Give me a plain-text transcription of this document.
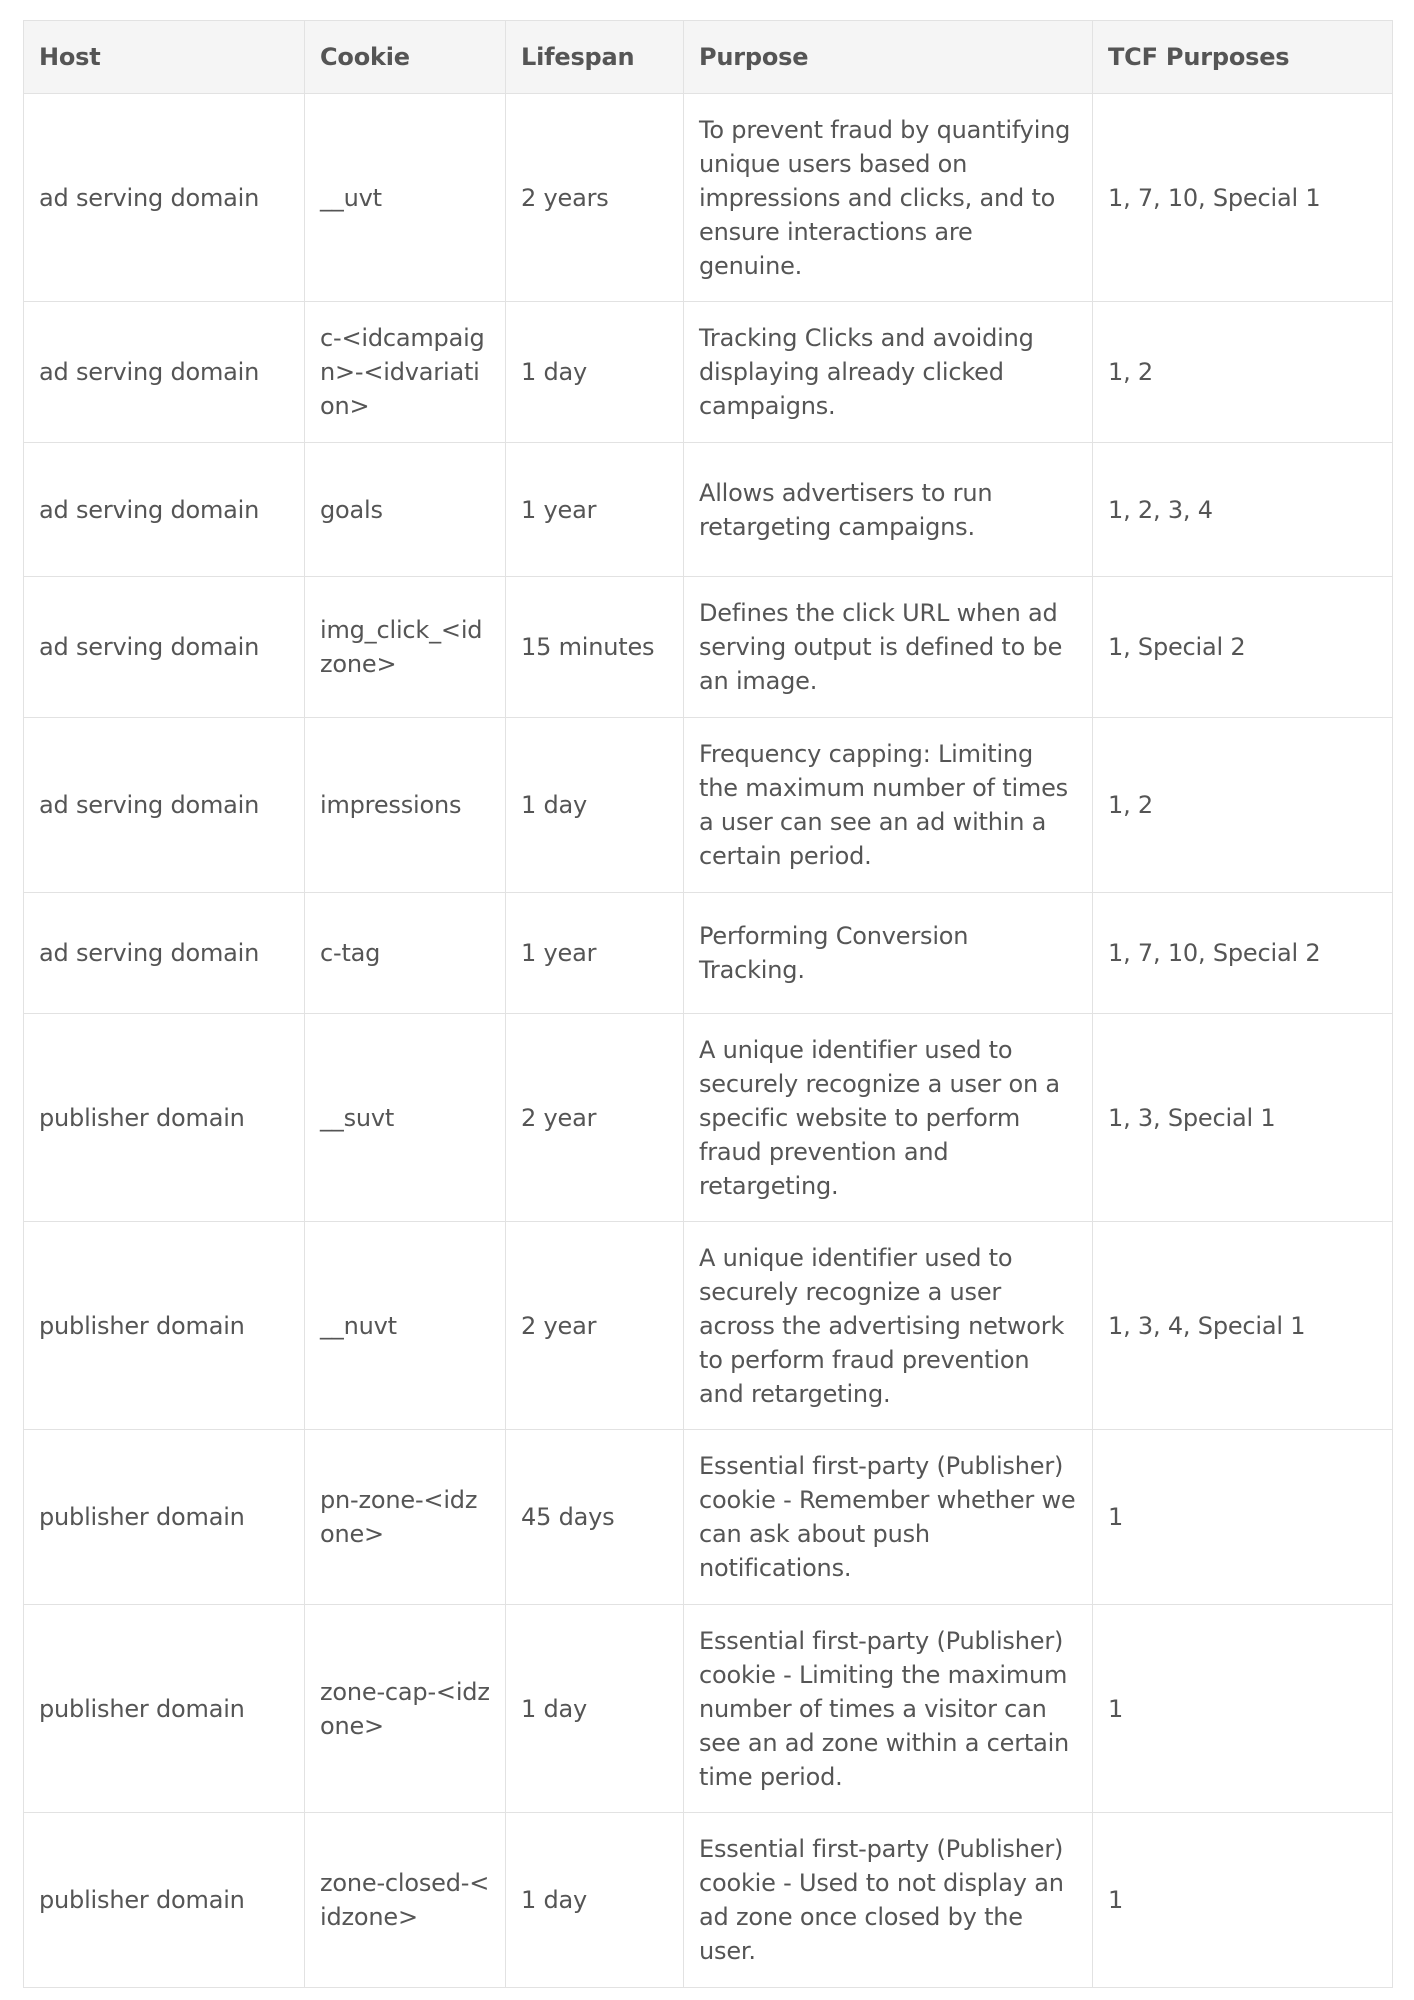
Host	Cookie	Lifespan	Purpose	TCF Purposes
ad serving domain	__uvt	2 years	To prevent fraud by quantifying unique users based on impressions and clicks, and to ensure interactions are genuine.	1, 7, 10, Special 1
ad serving domain	c-<idcampaign>-<idvariation>	1 day	Tracking Clicks and avoiding displaying already clicked campaigns.	1, 2
ad serving domain	goals	1 year	Allows advertisers to run retargeting campaigns.	1, 2, 3, 4
ad serving domain	img_click_<idzone>	15 minutes	Defines the click URL when ad serving output is defined to be an image.	1, Special 2
ad serving domain	impressions	1 day	Frequency capping: Limiting the maximum number of times a user can see an ad within a certain period.	1, 2
ad serving domain	c-tag	1 year	Performing Conversion Tracking.	1, 7, 10, Special 2
publisher domain	__suvt	2 year	A unique identifier used to securely recognize a user on a specific website to perform fraud prevention and retargeting.	1, 3, Special 1
publisher domain	__nuvt	2 year	A unique identifier used to securely recognize a user across the advertising network to perform fraud prevention and retargeting.	1, 3, 4, Special 1
publisher domain	pn-zone-<idzone>	45 days	Essential first-party (Publisher) cookie - Remember whether we can ask about push notifications.	1
publisher domain	zone-cap-<idzone>	1 day	Essential first-party (Publisher) cookie - Limiting the maximum number of times a visitor can see an ad zone within a certain time period.	1
publisher domain	zone-closed-<idzone>	1 day	Essential first-party (Publisher) cookie - Used to not display an ad zone once closed by the user.	1
